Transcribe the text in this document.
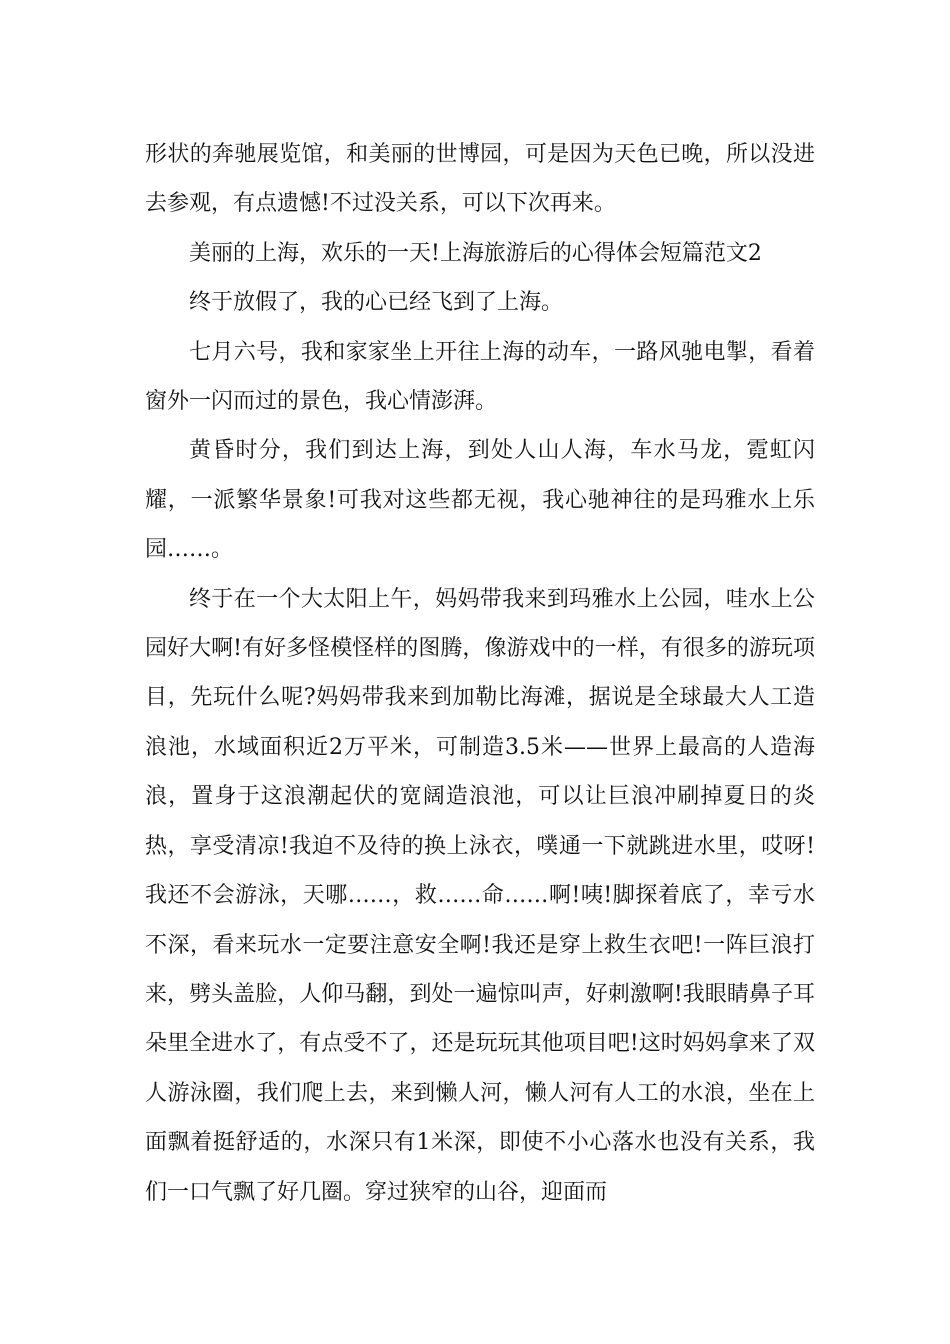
形状的奔驰展览馆，和美丽的世博园，可是因为天色已晚，所以没进去参观，有点遗憾!不过没关系，可以下次再来。

美丽的上海，欢乐的一天!上海旅游后的心得体会短篇范文2

终于放假了，我的心已经飞到了上海。

七月六号，我和家家坐上开往上海的动车，一路风驰电掣，看着窗外一闪而过的景色，我心情澎湃。

黄昏时分，我们到达上海，到处人山人海，车水马龙，霓虹闪耀，一派繁华景象!可我对这些都无视，我心驰神往的是玛雅水上乐园……。

终于在一个大太阳上午，妈妈带我来到玛雅水上公园，哇水上公园好大啊!有好多怪模怪样的图腾，像游戏中的一样，有很多的游玩项目，先玩什么呢?妈妈带我来到加勒比海滩，据说是全球最大人工造浪池，水域面积近2万平米，可制造3.5米——世界上最高的人造海浪，置身于这浪潮起伏的宽阔造浪池，可以让巨浪冲刷掉夏日的炎热，享受清凉!我迫不及待的换上泳衣，噗通一下就跳进水里，哎呀!我还不会游泳，天哪……，救……命……啊!咦!脚探着底了，幸亏水不深，看来玩水一定要注意安全啊!我还是穿上救生衣吧!一阵巨浪打来，劈头盖脸，人仰马翻，到处一遍惊叫声，好刺激啊!我眼睛鼻子耳朵里全进水了，有点受不了，还是玩玩其他项目吧!这时妈妈拿来了双人游泳圈，我们爬上去，来到懒人河，懒人河有人工的水浪，坐在上面飘着挺舒适的，水深只有1米深，即使不小心落水也没有关系，我们一口气飘了好几圈。穿过狭窄的山谷，迎面而
